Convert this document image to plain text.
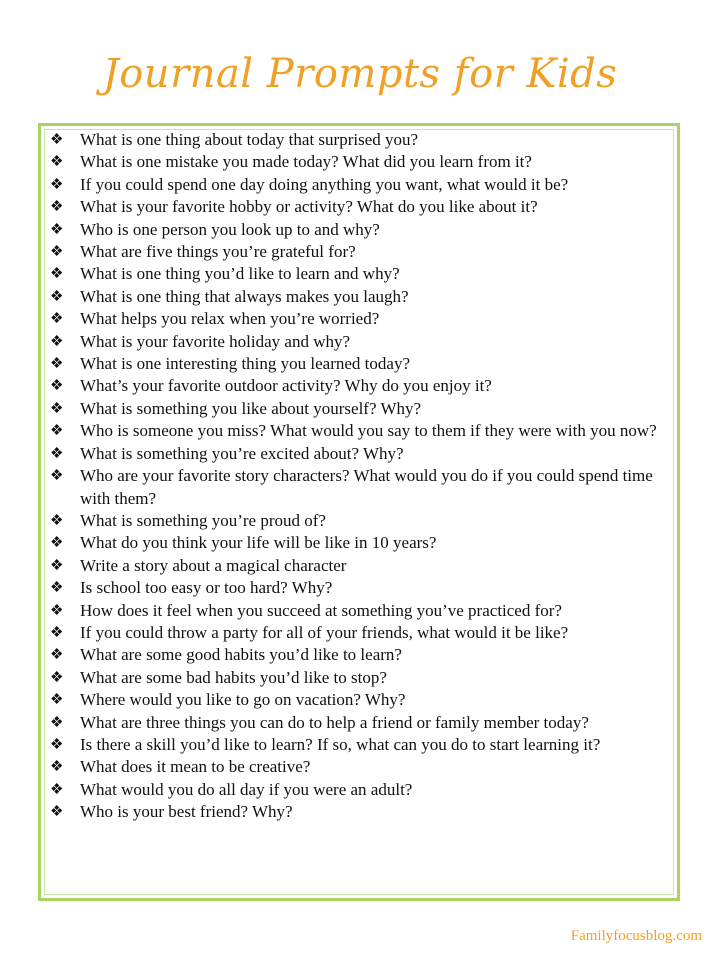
Journal Prompts for Kids
❖ What is one thing about today that surprised you?
❖ What is one mistake you made today? What did you learn from it?
❖ If you could spend one day doing anything you want, what would it be?
❖ What is your favorite hobby or activity? What do you like about it?
❖ Who is one person you look up to and why?
❖ What are five things you’re grateful for?
❖ What is one thing you’d like to learn and why?
❖ What is one thing that always makes you laugh?
❖ What helps you relax when you’re worried?
❖ What is your favorite holiday and why?
❖ What is one interesting thing you learned today?
❖ What’s your favorite outdoor activity? Why do you enjoy it?
❖ What is something you like about yourself? Why?
❖ Who is someone you miss? What would you say to them if they were with you now?
❖ What is something you’re excited about? Why?
❖ Who are your favorite story characters? What would you do if you could spend time with them?
❖ What is something you’re proud of?
❖ What do you think your life will be like in 10 years?
❖ Write a story about a magical character
❖ Is school too easy or too hard? Why?
❖ How does it feel when you succeed at something you’ve practiced for?
❖ If you could throw a party for all of your friends, what would it be like?
❖ What are some good habits you’d like to learn?
❖ What are some bad habits you’d like to stop?
❖ Where would you like to go on vacation? Why?
❖ What are three things you can do to help a friend or family member today?
❖ Is there a skill you’d like to learn? If so, what can you do to start learning it?
❖ What does it mean to be creative?
❖ What would you do all day if you were an adult?
❖ Who is your best friend? Why?
Familyfocusblog.com
